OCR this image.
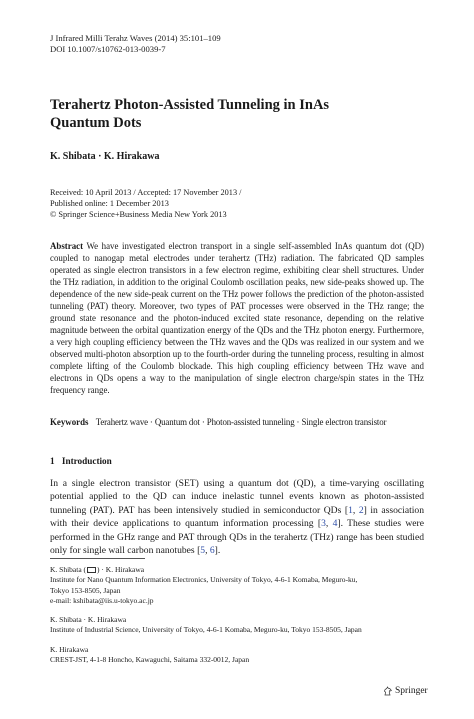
J Infrared Milli Terahz Waves (2014) 35:101–109
DOI 10.1007/s10762-013-0039-7
Terahertz Photon-Assisted Tunneling in InAs
Quantum Dots
K. Shibata · K. Hirakawa
Received: 10 April 2013 / Accepted: 17 November 2013 /
Published online: 1 December 2013
© Springer Science+Business Media New York 2013
Abstract We have investigated electron transport in a single self-assembled InAs quantum dot (QD) coupled to nanogap metal electrodes under terahertz (THz) radiation. The fabricated QD samples operated as single electron transistors in a few electron regime, exhibiting clear shell structures. Under the THz radiation, in addition to the original Coulomb oscillation peaks, new side-peaks showed up. The dependence of the new side-peak current on the THz power follows the prediction of the photon-assisted tunneling (PAT) theory. Moreover, two types of PAT processes were observed in the THz range; the ground state resonance and the photon-induced excited state resonance, depending on the relative magnitude between the orbital quantization energy of the QDs and the THz photon energy. Furthermore, a very high coupling efficiency between the THz waves and the QDs was realized in our system and we observed multi-photon absorption up to the fourth-order during the tunneling process, resulting in almost complete lifting of the Coulomb blockade. This high coupling efficiency between THz wave and electrons in QDs opens a way to the manipulation of single electron charge/spin states in the THz frequency range.
Keywords Terahertz wave · Quantum dot · Photon-assisted tunneling · Single electron transistor
1 Introduction
In a single electron transistor (SET) using a quantum dot (QD), a time-varying oscillating potential applied to the QD can induce inelastic tunnel events known as photon-assisted tunneling (PAT). PAT has been intensively studied in semiconductor QDs [1, 2] in association with their device applications to quantum information processing [3, 4]. These studies were performed in the GHz range and PAT through QDs in the terahertz (THz) range has been studied only for single wall carbon nanotubes [5, 6].
K. Shibata ( ) · K. Hirakawa
Institute for Nano Quantum Information Electronics, University of Tokyo, 4-6-1 Komaba, Meguro-ku,
Tokyo 153-8505, Japan
e-mail: kshibata@iis.u-tokyo.ac.jp
K. Shibata · K. Hirakawa
Institute of Industrial Science, University of Tokyo, 4-6-1 Komaba, Meguro-ku, Tokyo 153-8505, Japan
K. Hirakawa
CREST-JST, 4-1-8 Honcho, Kawaguchi, Saitama 332-0012, Japan
Springer
